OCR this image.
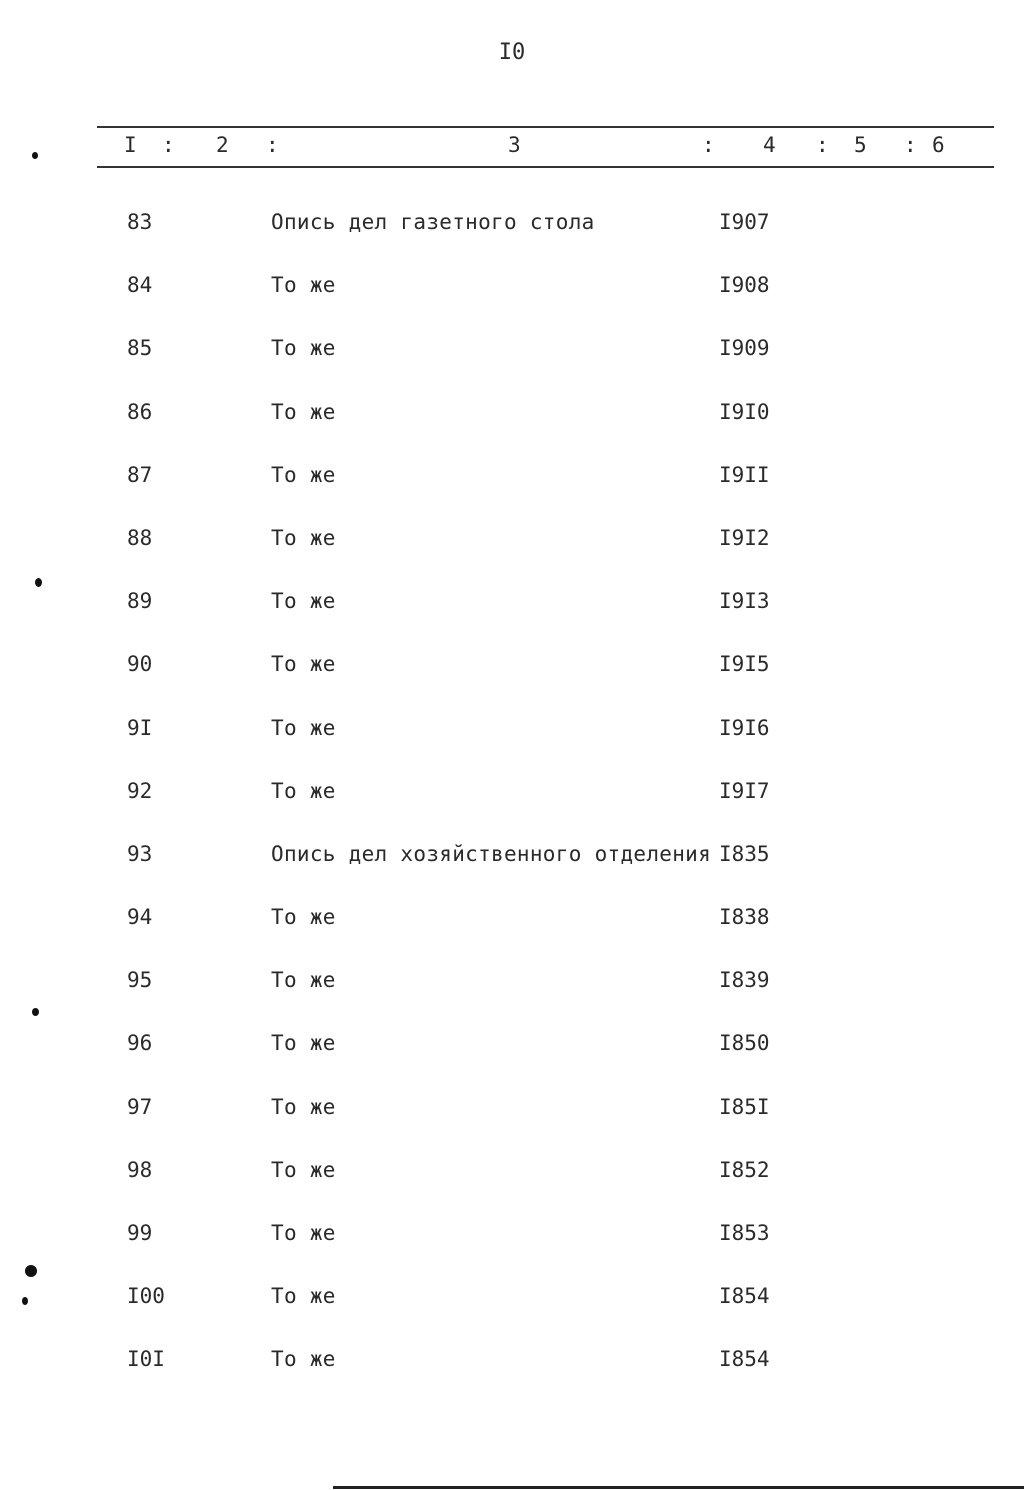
I0
I : 2 :	3	: 4 : 5 : 6
83	Опись дел газетного стола	I907
84	То же	I908
85	То же	I909
86	То же	I9I0
87	То же	I9II
88	То же	I9I2
89	То же	I9I3
90	То же	I9I5
9I	То же	I9I6
92	То же	I9I7
93	Опись дел хозяйственного отделения I835
94	То же	I838
95	То же	I839
96	То же	I850
97	То же	I85I
98	То же	I852
99	То же	I853
I00	То же	I854
I0I	То же	I854
